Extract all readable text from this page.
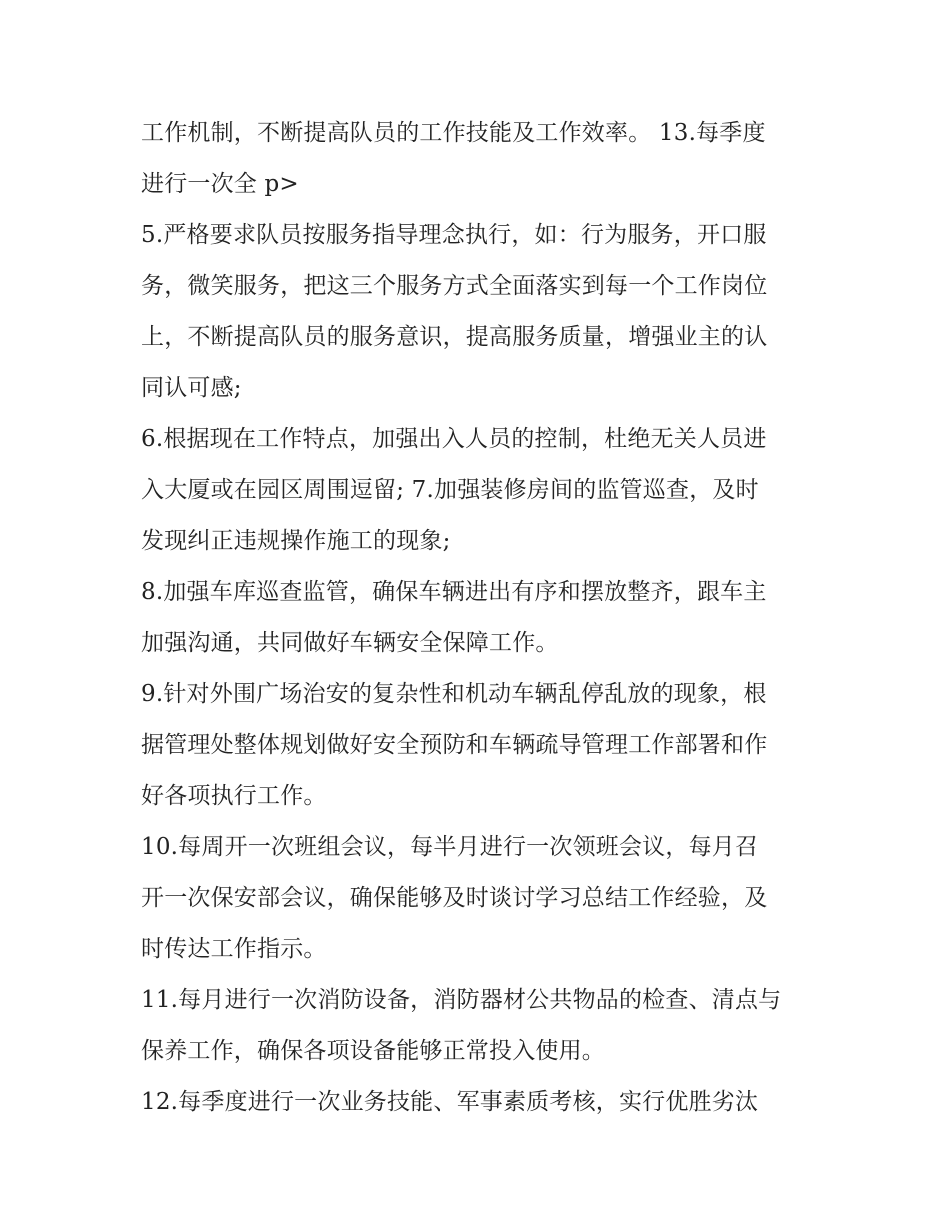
工作机制，不断提高队员的工作技能及工作效率。 13.每季度
进行一次全 p>
5.严格要求队员按服务指导理念执行，如：行为服务，开口服
务，微笑服务，把这三个服务方式全面落实到每一个工作岗位
上，不断提高队员的服务意识，提高服务质量，增强业主的认
同认可感;
6.根据现在工作特点，加强出入人员的控制，杜绝无关人员进
入大厦或在园区周围逗留; 7.加强装修房间的监管巡查，及时
发现纠正违规操作施工的现象;
8.加强车库巡查监管，确保车辆进出有序和摆放整齐，跟车主
加强沟通，共同做好车辆安全保障工作。
9.针对外围广场治安的复杂性和机动车辆乱停乱放的现象，根
据管理处整体规划做好安全预防和车辆疏导管理工作部署和作
好各项执行工作。
10.每周开一次班组会议，每半月进行一次领班会议，每月召
开一次保安部会议，确保能够及时谈讨学习总结工作经验，及
时传达工作指示。
11.每月进行一次消防设备，消防器材公共物品的检查、清点与
保养工作，确保各项设备能够正常投入使用。
12.每季度进行一次业务技能、军事素质考核，实行优胜劣汰
